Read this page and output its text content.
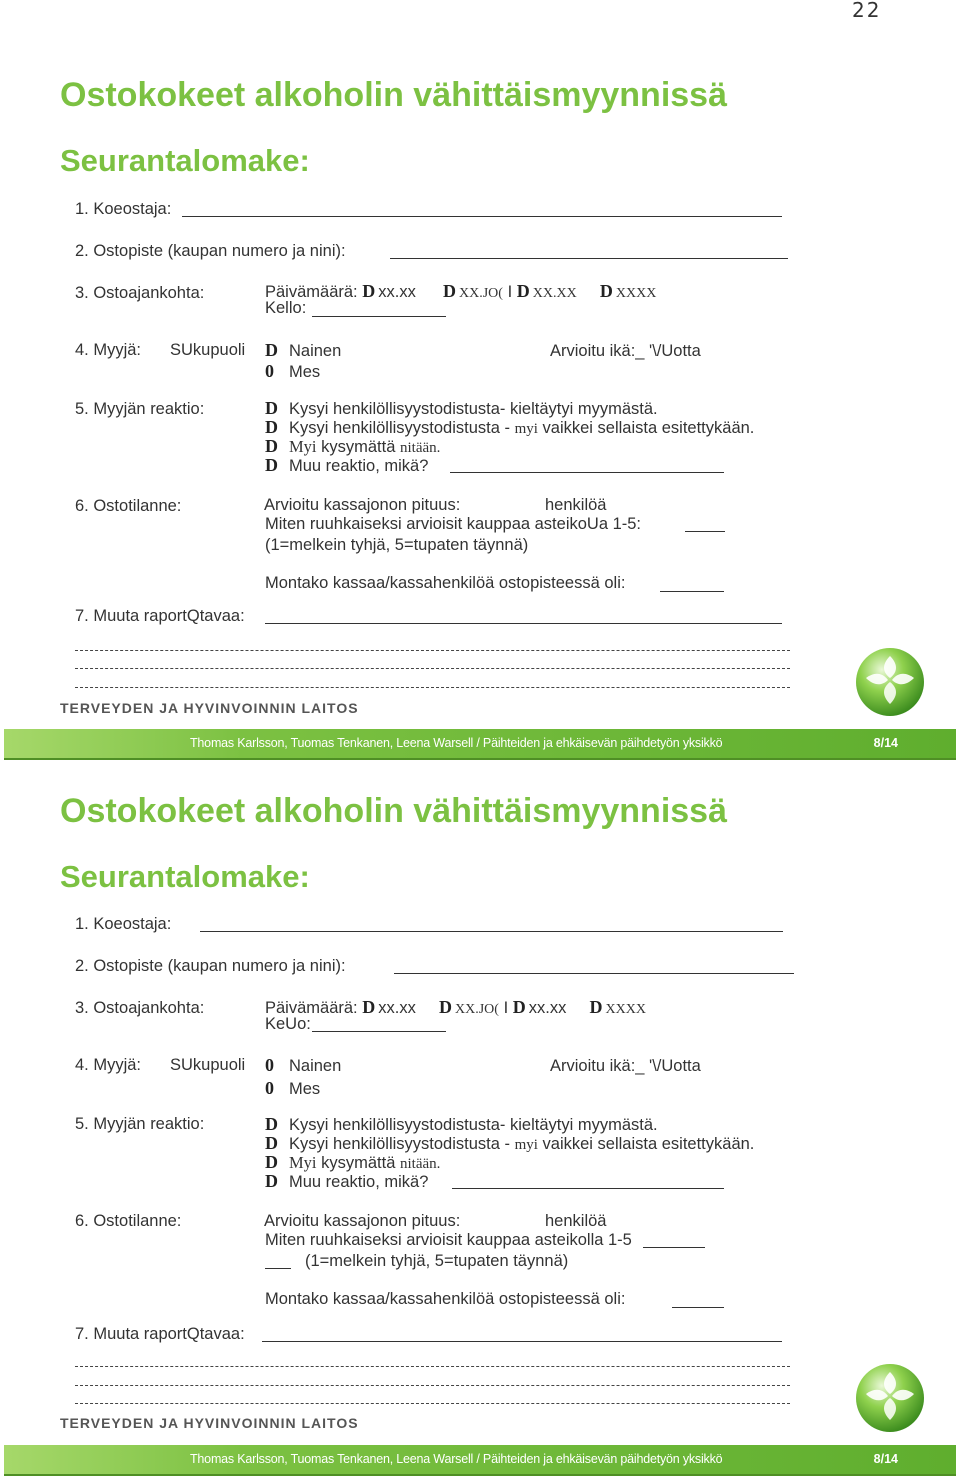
22
Ostokokeet alkoholin vähittäismyynnissä
Seurantalomake:
1. Koeostaja:
2. Ostopiste (kaupan numero ja nini):
3. Ostoajankohta:	Päivämäärä: D xx.xx D XX.JO( I D XX.XX D XXXX
Kello:
4. Myyjä: SUkupuoli D Nainen
0 Mes
Arvioitu ikä:_ '\/Uotta
5. Myyjän reaktio:	D Kysyi henkilöllisyystodistusta- kieltäytyi myymästä.
D Kysyi henkilöllisyystodistusta - myi vaikkei sellaista esitettykään.
D Myi kysymättä nitään.
D Muu reaktio, mikä?
6. Ostotilanne:	Arvioitu kassajonon pituus:	henkilöä
Miten ruuhkaiseksi arvioisit kauppaa asteikoUa 1-5:
(1=melkein tyhjä, 5=tupaten täynnä)
Montako kassaa/kassahenkilöä ostopisteessä oli:
7. Muuta raportQtavaa:
TERVEYDEN JA HYVINVOINNIN LAITOS
Thomas Karlsson, Tuomas Tenkanen, Leena Warsell / Päihteiden ja ehkäisevän päihdetyön yksikkö	8/14
Ostokokeet alkoholin vähittäismyynnissä
Seurantalomake:
1. Koeostaja:
2. Ostopiste (kaupan numero ja nini):
3. Ostoajankohta:	Päivämäärä: D xx.xx D XX.JO( I D xx.xx D XXXX
KeUo:
4. Myyjä: SUkupuoli 0 Nainen
0 Mes
Arvioitu ikä:_ '\/Uotta
5. Myyjän reaktio:	D Kysyi henkilöllisyystodistusta- kieltäytyi myymästä.
D Kysyi henkilöllisyystodistusta - myi vaikkei sellaista esitettykään.
D Myi kysymättä nitään.
D Muu reaktio, mikä?
6. Ostotilanne:	Arvioitu kassajonon pituus:	henkilöä
Miten ruuhkaiseksi arvioisit kauppaa asteikolla 1-5
(1=melkein tyhjä, 5=tupaten täynnä)
Montako kassaa/kassahenkilöä ostopisteessä oli:
7. Muuta raportQtavaa:
TERVEYDEN JA HYVINVOINNIN LAITOS
Thomas Karlsson, Tuomas Tenkanen, Leena Warsell / Päihteiden ja ehkäisevän päihdetyön yksikkö	8/14
